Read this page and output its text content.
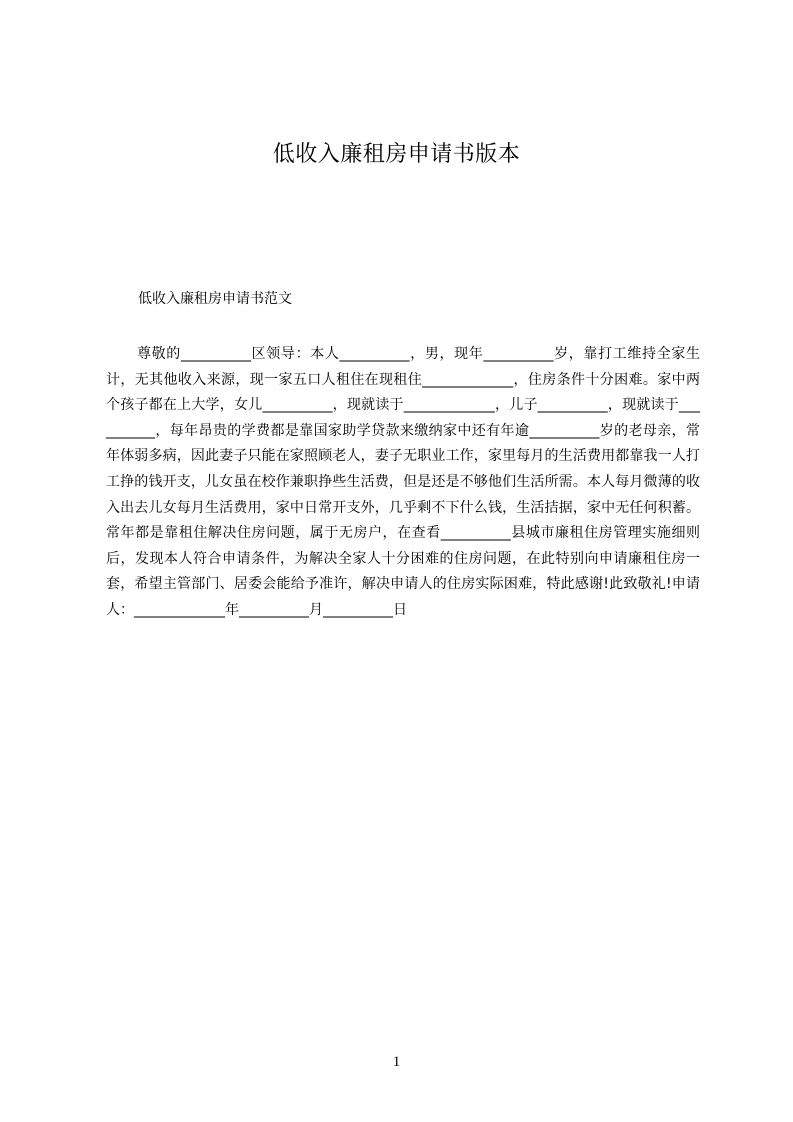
低收入廉租房申请书版本
低收入廉租房申请书范文

尊敬的__________区领导：本人__________，男，现年__________岁，靠打工维持全家生计，无其他收入来源，现一家五口人租住在现租住_____________，住房条件十分困难。家中两个孩子都在上大学，女儿__________，现就读于_____________，儿子__________，现就读于__________，每年昂贵的学费都是靠国家助学贷款来缴纳家中还有年逾__________岁的老母亲，常年体弱多病，因此妻子只能在家照顾老人，妻子无职业工作，家里每月的生活费用都靠我一人打工挣的钱开支，儿女虽在校作兼职挣些生活费，但是还是不够他们生活所需。本人每月微薄的收入出去儿女每月生活费用，家中日常开支外，几乎剩不下什么钱，生活拮据，家中无任何积蓄。常年都是靠租住解决住房问题，属于无房户，在查看__________县城市廉租住房管理实施细则后，发现本人符合申请条件，为解决全家人十分困难的住房问题，在此特别向申请廉租住房一套，希望主管部门、居委会能给予准许，解决申请人的住房实际困难，特此感谢!此致敬礼!申请人：_____________年__________月__________日

1
